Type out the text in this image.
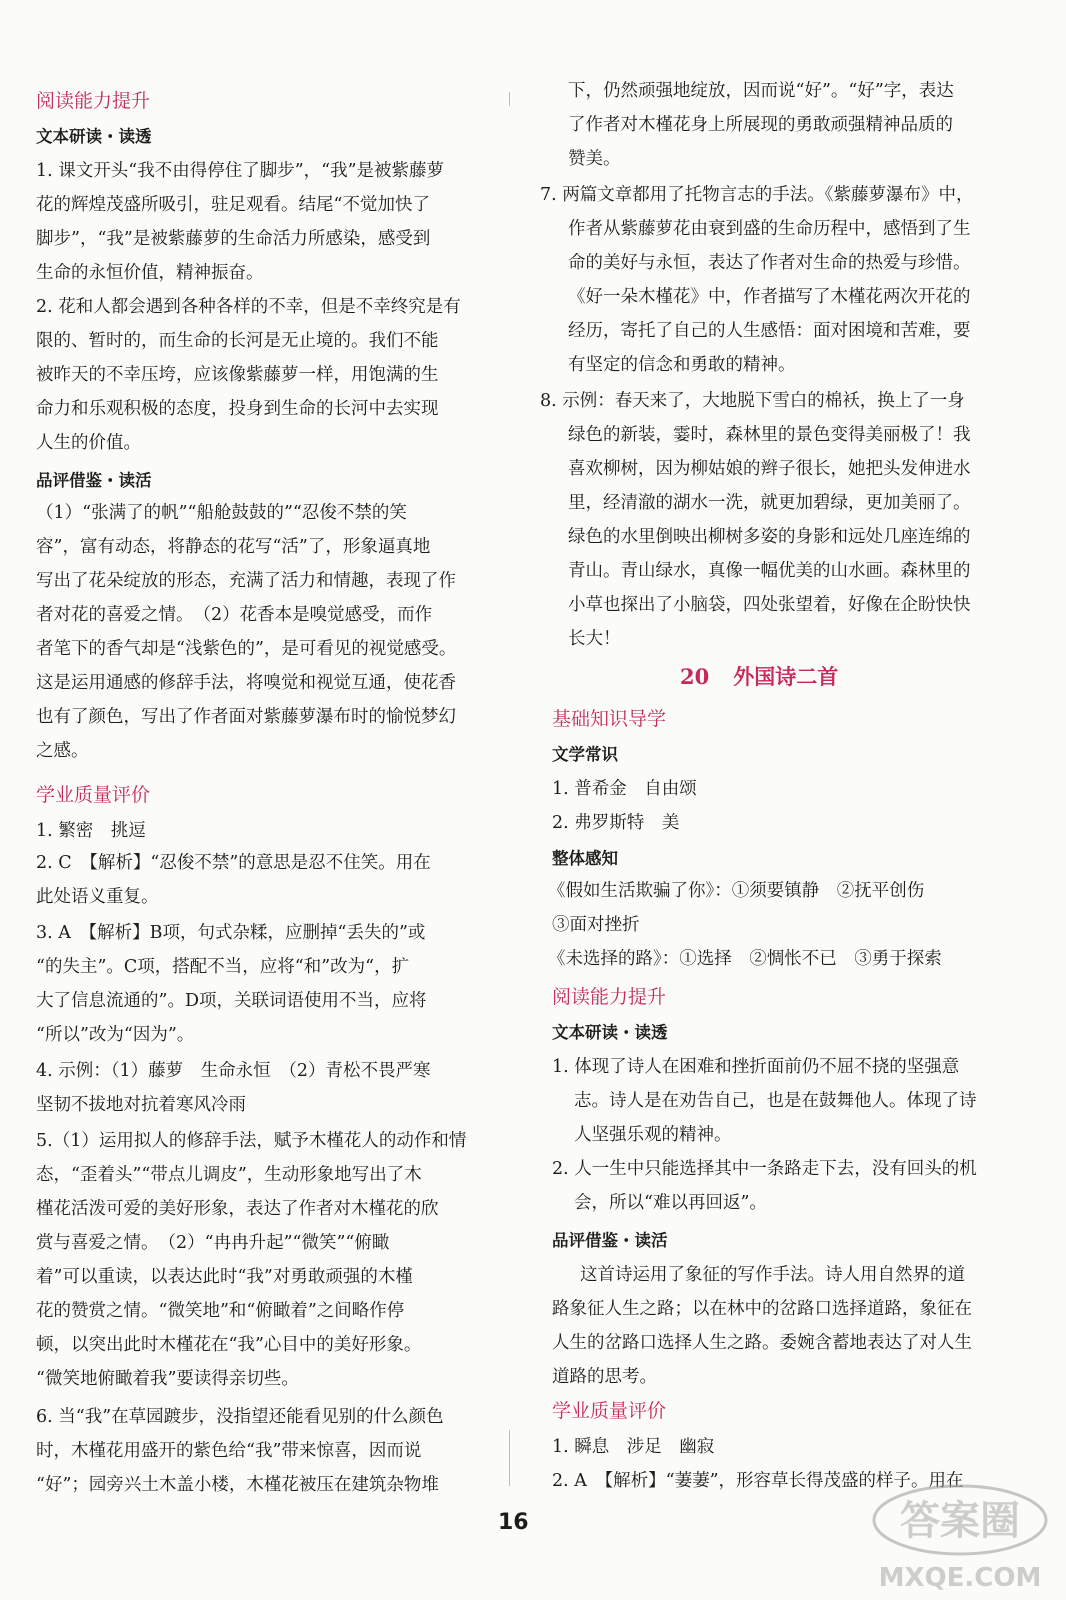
阅读能力提升
文本研读・读透
1. 课文开头“我不由得停住了脚步”，“我”是被紫藤萝
花的辉煌茂盛所吸引，驻足观看。结尾“不觉加快了
脚步”，“我”是被紫藤萝的生命活力所感染，感受到
生命的永恒价值，精神振奋。
2. 花和人都会遇到各种各样的不幸，但是不幸终究是有
限的、暂时的，而生命的长河是无止境的。我们不能
被昨天的不幸压垮，应该像紫藤萝一样，用饱满的生
命力和乐观积极的态度，投身到生命的长河中去实现
人生的价值。
品评借鉴・读活
（1）“张满了的帆”“船舱鼓鼓的”“忍俊不禁的笑
容”，富有动态，将静态的花写“活”了，形象逼真地
写出了花朵绽放的形态，充满了活力和情趣，表现了作
者对花的喜爱之情。　（2）花香本是嗅觉感受，而作
者笔下的香气却是“浅紫色的”，是可看见的视觉感受。
这是运用通感的修辞手法，将嗅觉和视觉互通，使花香
也有了颜色，写出了作者面对紫藤萝瀑布时的愉悦梦幻
之感。
学业质量评价
1. 繁密　挑逗
2. C　【解析】“忍俊不禁”的意思是忍不住笑。用在
此处语义重复。
3. A　【解析】B项，句式杂糅，应删掉“丢失的”或
“的失主”。C项，搭配不当，应将“和”改为“，扩
大了信息流通的”。D项，关联词语使用不当，应将
“所以”改为“因为”。
4. 示例：（1）藤萝　生命永恒　（2）青松不畏严寒
坚韧不拔地对抗着寒风冷雨
5.（1）运用拟人的修辞手法，赋予木槿花人的动作和情
态，“歪着头”“带点儿调皮”，生动形象地写出了木
槿花活泼可爱的美好形象，表达了作者对木槿花的欣
赏与喜爱之情。　（2）“冉冉升起”“微笑”“俯瞰
着”可以重读，以表达此时“我”对勇敢顽强的木槿
花的赞赏之情。“微笑地”和“俯瞰着”之间略作停
顿，以突出此时木槿花在“我”心目中的美好形象。
“微笑地俯瞰着我”要读得亲切些。
6. 当“我”在草园踱步，没指望还能看见别的什么颜色
时，木槿花用盛开的紫色给“我”带来惊喜，因而说
“好”；园旁兴土木盖小楼，木槿花被压在建筑杂物堆
下，仍然顽强地绽放，因而说“好”。“好”字，表达
了作者对木槿花身上所展现的勇敢顽强精神品质的
赞美。
7. 两篇文章都用了托物言志的手法。《紫藤萝瀑布》中，
作者从紫藤萝花由衰到盛的生命历程中，感悟到了生
命的美好与永恒，表达了作者对生命的热爱与珍惜。
《好一朵木槿花》中，作者描写了木槿花两次开花的
经历，寄托了自己的人生感悟：面对困境和苦难，要
有坚定的信念和勇敢的精神。
8. 示例：春天来了，大地脱下雪白的棉袄，换上了一身
绿色的新装，霎时，森林里的景色变得美丽极了！我
喜欢柳树，因为柳姑娘的辫子很长，她把头发伸进水
里，经清澈的湖水一洗，就更加碧绿，更加美丽了。
绿色的水里倒映出柳树多姿的身影和远处几座连绵的
青山。青山绿水，真像一幅优美的山水画。森林里的
小草也探出了小脑袋，四处张望着，好像在企盼快快
长大！
20 外国诗二首
基础知识导学
文学常识
1. 普希金　自由颂
2. 弗罗斯特　美
整体感知
《假如生活欺骗了你》：①须要镇静　②抚平创伤
③面对挫折
《未选择的路》：①选择　②惆怅不已　③勇于探索
阅读能力提升
文本研读・读透
1. 体现了诗人在困难和挫折面前仍不屈不挠的坚强意
志。诗人是在劝告自己，也是在鼓舞他人。体现了诗
人坚强乐观的精神。
2. 人一生中只能选择其中一条路走下去，没有回头的机
会，所以“难以再回返”。
品评借鉴・读活
这首诗运用了象征的写作手法。诗人用自然界的道
路象征人生之路；以在林中的岔路口选择道路，象征在
人生的岔路口选择人生之路。委婉含蓄地表达了对人生
道路的思考。
学业质量评价
1. 瞬息　涉足　幽寂
2. A　【解析】“萋萋”，形容草长得茂盛的样子。用在
16	答案圈
MXQE.COM
